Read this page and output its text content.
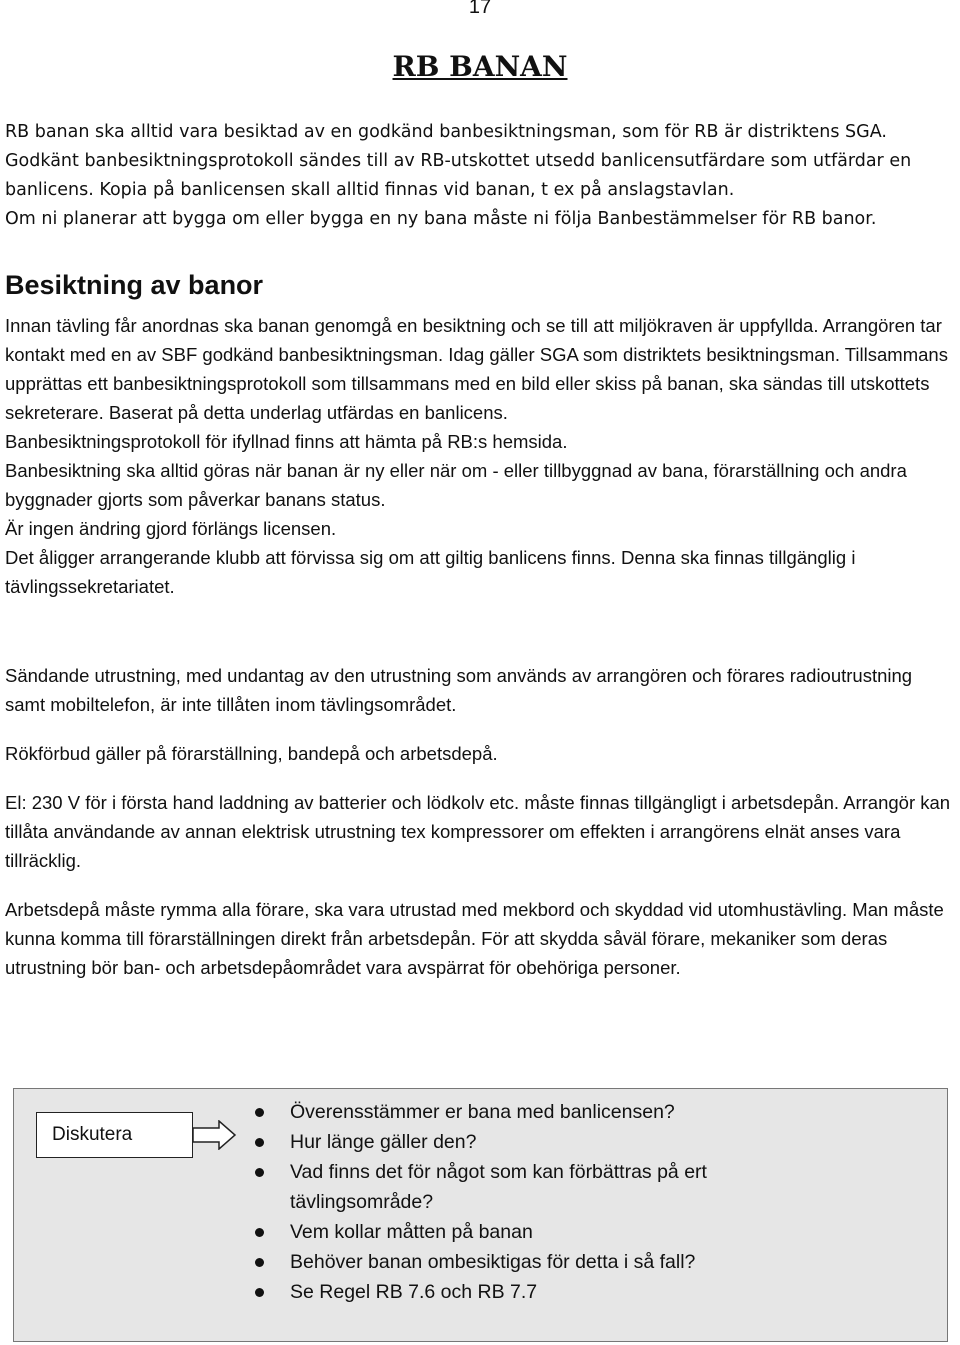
17
RB BANAN

RB banan ska alltid vara besiktad av en godkänd banbesiktningsman, som för RB är distriktens SGA. Godkänt banbesiktningsprotokoll sändes till av RB-utskottet utsedd banlicensutfärdare som utfärdar en banlicens. Kopia på banlicensen skall alltid finnas vid banan, t ex på anslagstavlan.

Om ni planerar att bygga om eller bygga en ny bana måste ni följa Banbestämmelser för RB banor.

Besiktning av banor

Innan tävling får anordnas ska banan genomgå en besiktning och se till att miljökraven är uppfyllda. Arrangören tar kontakt med en av SBF godkänd banbesiktningsman. Idag gäller SGA som distriktets besiktningsman. Tillsammans upprättas ett banbesiktningsprotokoll som tillsammans med en bild eller skiss på banan, ska sändas till utskottets sekreterare. Baserat på detta underlag utfärdas en banlicens.

Banbesiktningsprotokoll för ifyllnad finns att hämta på RB:s hemsida.

Banbesiktning ska alltid göras när banan är ny eller när om - eller tillbyggnad av bana, förarställning och andra byggnader gjorts som påverkar banans status.

Är ingen ändring gjord förlängs licensen.

Det åligger arrangerande klubb att förvissa sig om att giltig banlicens finns. Denna ska finnas tillgänglig i tävlingssekretariatet.

Sändande utrustning, med undantag av den utrustning som används av arrangören och förares radioutrustning samt mobiltelefon, är inte tillåten inom tävlingsområdet.
Rökförbud gäller på förarställning, bandepå och arbetsdepå.
El: 230 V för i första hand laddning av batterier och lödkolv etc. måste finnas tillgängligt i arbetsdepån. Arrangör kan tillåta användande av annan elektrisk utrustning tex kompressorer om effekten i arrangörens elnät anses vara tillräcklig.
Arbetsdepå måste rymma alla förare, ska vara utrustad med mekbord och skyddad vid utomhustävling. Man måste kunna komma till förarställningen direkt från arbetsdepån. För att skydda såväl förare, mekaniker som deras utrustning bör ban- och arbetsdepåområdet vara avspärrat för obehöriga personer.
Diskutera
Överensstämmer er bana med banlicensen?
Hur länge gäller den?
Vad finns det för något som kan förbättras på ert tävlingsområde?
Vem kollar måtten på banan
Behöver banan ombesiktigas för detta i så fall?
Se Regel RB 7.6 och RB 7.7
